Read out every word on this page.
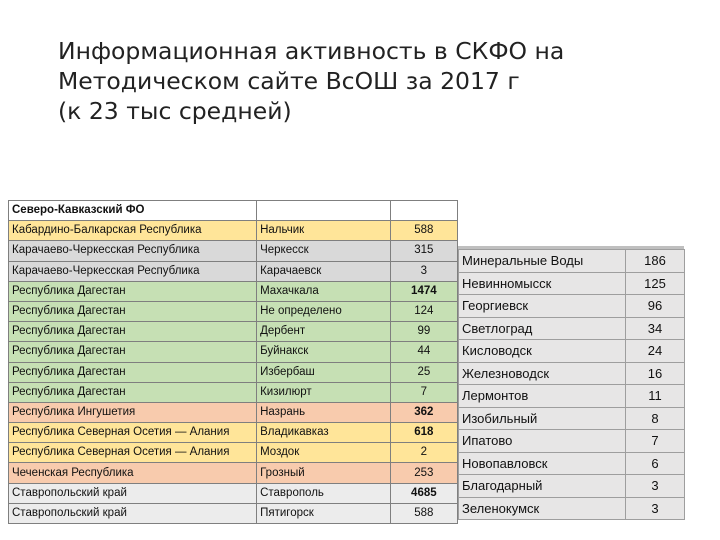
Информационная активность в СКФО на
Методическом сайте ВсОШ за 2017 г
(к 23 тыс средней)
Северо-Кавказский ФО		
Кабардино-Балкарская Республика	Нальчик	588
Карачаево-Черкесская Республика	Черкесск	315
Карачаево-Черкесская Республика	Карачаевск	3
Республика Дагестан	Махачкала	1474
Республика Дагестан	Не определено	124
Республика Дагестан	Дербент	99
Республика Дагестан	Буйнакск	44
Республика Дагестан	Избербаш	25
Республика Дагестан	Кизилюрт	7
Республика Ингушетия	Назрань	362
Республика Северная Осетия — Алания	Владикавказ	618
Республика Северная Осетия — Алания	Моздок	2
Чеченская Республика	Грозный	253
Ставропольский край	Ставрополь	4685
Ставропольский край	Пятигорск	588
Минеральные Воды	186
Невинномысск	125
Георгиевск	96
Светлоград	34
Кисловодск	24
Железноводск	16
Лермонтов	11
Изобильный	8
Ипатово	7
Новопавловск	6
Благодарный	3
Зеленокумск	3
